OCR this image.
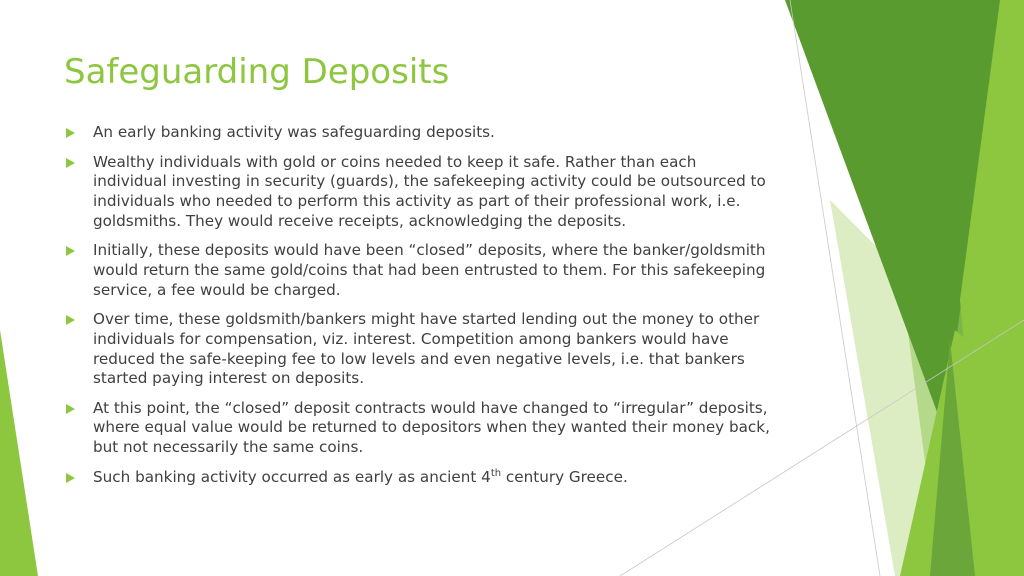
Safeguarding Deposits
An early banking activity was safeguarding deposits.
Wealthy individuals with gold or coins needed to keep it safe. Rather than each individual investing in security (guards), the safekeeping activity could be outsourced to individuals who needed to perform this activity as part of their professional work, i.e. goldsmiths. They would receive receipts, acknowledging the deposits.
Initially, these deposits would have been “closed” deposits, where the banker/goldsmith would return the same gold/coins that had been entrusted to them. For this safekeeping service, a fee would be charged.
Over time, these goldsmith/bankers might have started lending out the money to other individuals for compensation, viz. interest. Competition among bankers would have reduced the safe-keeping fee to low levels and even negative levels, i.e. that bankers started paying interest on deposits.
At this point, the “closed” deposit contracts would have changed to “irregular” deposits, where equal value would be returned to depositors when they wanted their money back, but not necessarily the same coins.
Such banking activity occurred as early as ancient 4th century Greece.
